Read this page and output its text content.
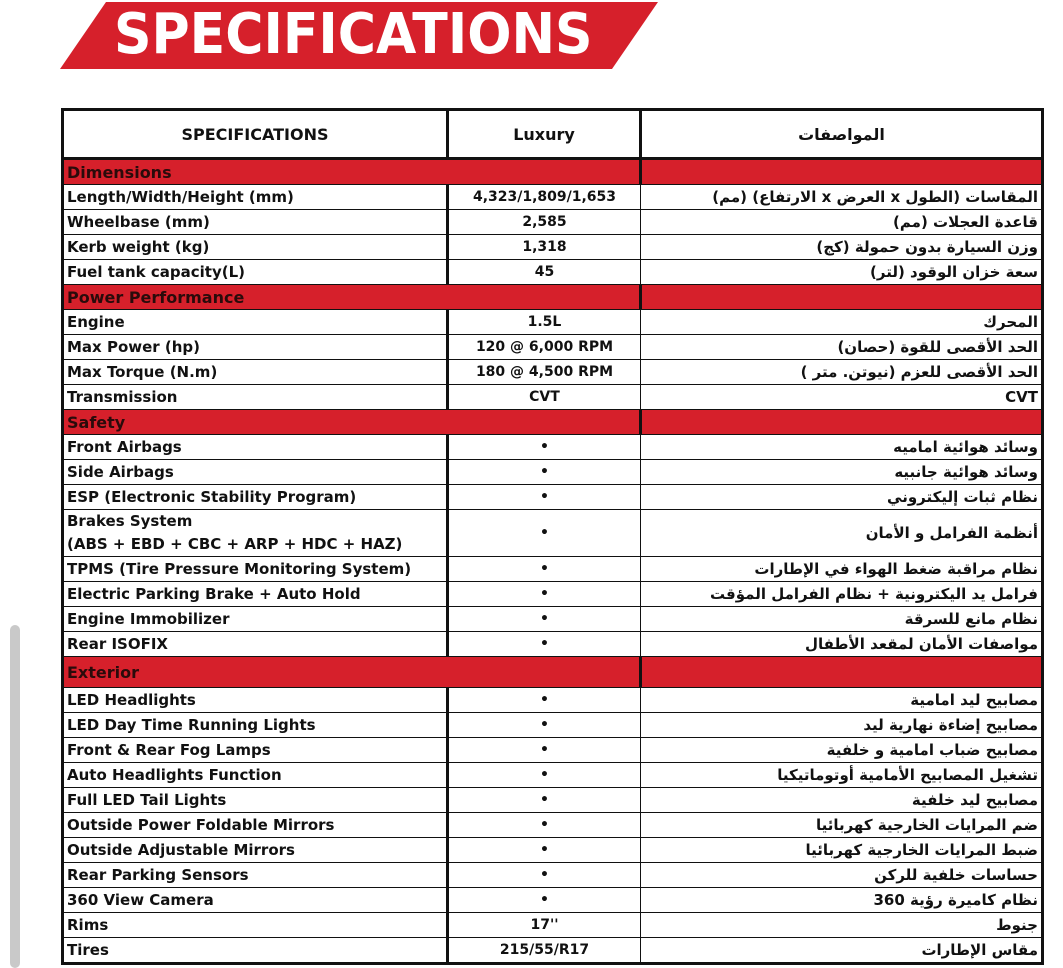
SPECIFICATIONS
SPECIFICATIONS	Luxury	المواصفات
Dimensions		
Length/Width/Height (mm)	4,323/1,809/1,653	المقاسات (الطول x العرض x الارتفاع) (مم)
Wheelbase (mm)	2,585	قاعدة العجلات (مم)
Kerb weight (kg)	1,318	وزن السيارة بدون حمولة (كج)
Fuel tank capacity(L)	45	سعة خزان الوقود (لتر)
Power Performance		
Engine	1.5L	المحرك
Max Power (hp)	120 @ 6,000 RPM	الحد الأقصى للقوة (حصان)
Max Torque (N.m)	180 @ 4,500 RPM	الحد الأقصى للعزم (نيوتن. متر )
Transmission	CVT	CVT
Safety		
Front Airbags	•	وسائد هوائية اماميه
Side Airbags	•	وسائد هوائية جانبيه
ESP (Electronic Stability Program)	•	نظام ثبات إليكتروني

Brakes System
(ABS + EBD + CBC + ARP + HDC + HAZ)	•	أنظمة الفرامل و الأمان
TPMS (Tire Pressure Monitoring System)	•	نظام مراقبة ضغط الهواء في الإطارات
Electric Parking Brake + Auto Hold	•	فرامل يد اليكترونية + نظام الفرامل المؤقت
Engine Immobilizer	•	نظام مانع للسرقة
Rear ISOFIX	•	مواصفات الأمان لمقعد الأطفال
Exterior		
LED Headlights	•	مصابيح ليد امامية
LED Day Time Running Lights	•	مصابيح إضاءة نهارية ليد
Front & Rear Fog Lamps	•	مصابيح ضباب امامية و خلفية
Auto Headlights Function	•	تشغيل المصابيح الأمامية أوتوماتيكيا
Full LED Tail Lights	•	مصابيح ليد خلفية
Outside Power Foldable Mirrors	•	ضم المرايات الخارجية كهربائيا
Outside Adjustable Mirrors	•	ضبط المرايات الخارجية كهربائيا
Rear Parking Sensors	•	حساسات خلفية للركن
360 View Camera	•	نظام كاميرة رؤية 360
Rims	17''	جنوط
Tires	215/55/R17	مقاس الإطارات
